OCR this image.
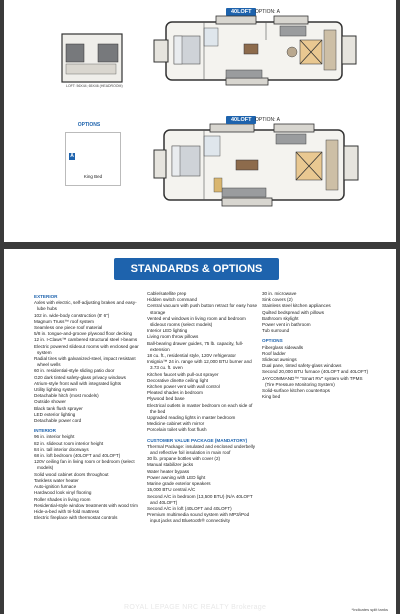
40LOFT OPTION: A
LOFT: 56X44; 65X46 (HEADROOM)
40LOFT OPTION: A
OPTIONS
A
King Bed
STANDARDS & OPTIONS
EXTERIOR
Axles with electric, self-adjusting brakes and easy-lube hubs
102 in. wide-body construction (8' 6")
Magnum Truss™ roof system
Seamless one piece roof material
5/8 in. tongue-and-groove plywood floor decking
12 in. I-Claws™ cambered structural steel I-beams
Electric powered slideout rooms with enclosed gear system
Radial tires with galvanized-steel, impact resistant wheel wells
60 in. residential-style sliding patio door
G20 dark tinted safety-glass privacy windows
Atrium-style front wall with integrated lights
Utility lighting system
Detachable hitch (most models)
Outside shower
Black tank flush sprayer
LED exterior lighting
Detachable power cord
INTERIOR
96 in. interior height
82 in. slideout room interior height
84 in. tall interior doorways
68 in. loft bedroom (40LOFT and 40LOFT)
120V ceiling fan in living room or bedroom (select models)
Solid wood cabinet doors throughout
Tankless water heater
Auto-ignition furnace
Hardwood look vinyl flooring
Roller shades in living room
Residential-style window treatments with wood trim
Hide-a-bed with tri-fold mattress
Electric fireplace with thermostat controls
Cable/satellite prep
Hidden switch command
Central vacuum with push button retract for easy hose storage
Vented end windows in living room and bedroom slideout rooms (select models)
Interior LED lighting
Living room throw pillows
Ball-bearing drawer guides, 75 lb. capacity, full-extension
18 cu. ft., residential style, 120V refrigerator
Insignia™ 24 in. range with 12,000 BTU burner and 3.73 cu. ft. oven
Kitchen faucet with pull-out sprayer
Decorative dinette ceiling light
Kitchen power vent with wall control
Pleated shades in bedroom
Plywood bed base
Electrical outlets in master bedroom on each side of the bed
Upgraded reading lights in master bedroom
Medicine cabinet with mirror
Porcelain toilet with foot flush
CUSTOMER VALUE PACKAGE (MANDATORY)
Thermal Package: insulated and enclosed underbelly and reflective foil insulation in main roof
30 lb. propane bottles with cover (2)
Manual stabilizer jacks
Water heater bypass
Power awning with LED light
Marine grade exterior speakers
15,000 BTU central A/C
Second A/C in bedroom (13,500 BTU) (N/A 40LOFT and 40LOFT)
Second A/C in loft (40LOFT and 40LOFT)
Premium multimedia sound system with MP3/iPod input jacks and Bluetooth® connectivity
30 in. microwave
Sink covers (2)
Stainless steel kitchen appliances
Quilted bedspread with pillows
Bathroom skylight
Power vent in bathroom
Tub surround
OPTIONS
Fiberglass sidewalls
Roof ladder
Slideout awnings
Dual pane, tinted safety-glass windows
Second 20,000 BTU furnace (40LOFT and 40LOFT)
JAYCOMMAND™ "Smart RV" system with TPMS (Tire Pressure Monitoring System)
Solid-surface kitchen countertops
King bed
ROYAL LEPAGE NRC REALTY Brokerage	*Indicates split tanks
